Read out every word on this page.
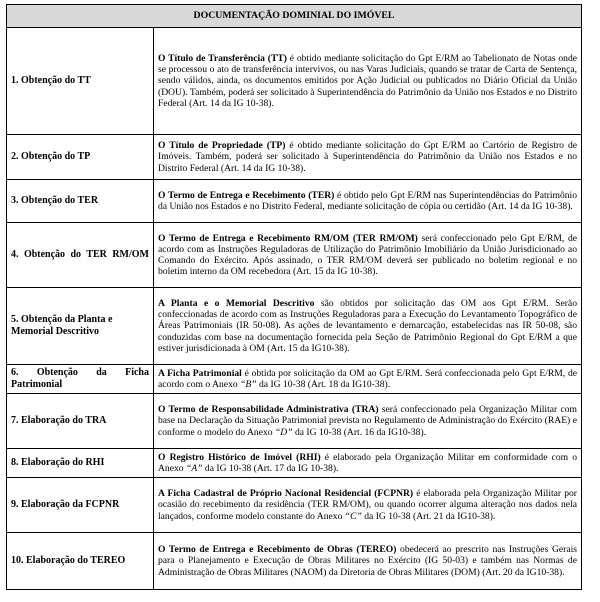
DOCUMENTAÇÃO DOMINIAL DO IMÓVEL	
1. Obtenção do TT	O Título de Transferência (TT) é obtido mediante solicitação do Gpt E/RM ao Tabelionato de Notas onde se processou o ato de transferência intervivos, ou nas Varas Judiciais, quando se tratar de Carta de Sentença, sendo válidos, ainda, os documentos emitidos por Ação Judicial ou publicados no Diário Oficial da União (DOU). Também, poderá ser solicitado à Superintendência do Patrimônio da União nos Estados e no Distrito Federal (Art. 14 da IG 10-38).
2. Obtenção do TP	O Título de Propriedade (TP) é obtido mediante solicitação do Gpt E/RM ao Cartório de Registro de Imóveis. Também, poderá ser solicitado à Superintendência do Patrimônio da União nos Estados e no Distrito Federal (Art. 14 da IG 10-38).
3. Obtenção do TER	O Termo de Entrega e Recebimento (TER) é obtido pelo Gpt E/RM nas Superintendências do Patrimônio da União nos Estados e no Distrito Federal, mediante solicitação de cópia ou certidão (Art. 14 da IG 10-38).
4. Obtenção do TER RM/OM	O Termo de Entrega e Recebimento RM/OM (TER RM/OM) será confeccionado pelo Gpt E/RM, de acordo com as Instruções Reguladoras de Utilização do Patrimônio Imobiliário da União Jurisdicionado ao Comando do Exército. Após assinado, o TER RM/OM deverá ser publicado no boletim regional e no boletim interno da OM recebedora (Art. 15 da IG 10-38).
5. Obtenção da Planta e Memorial Descritivo	A Planta e o Memorial Descritivo são obtidos por solicitação das OM aos Gpt E/RM. Serão confeccionadas de acordo com as Instruções Reguladoras para a Execução do Levantamento Topográfico de Áreas Patrimoniais (IR 50-08). As ações de levantamento e demarcação, estabelecidas nas IR 50-08, são conduzidas com base na documentação fornecida pela Seção de Patrimônio Regional do Gpt E/RM a que estiver jurisdicionada à OM (Art. 15 da IG10-38).
6. Obtenção da Ficha Patrimonial	A Ficha Patrimonial é obtida por solicitação da OM ao Gpt E/RM. Será confeccionada pelo Gpt E/RM, de acordo com o Anexo “B” da IG 10-38 (Art. 18 da IG10-38).
7. Elaboração do TRA	O Termo de Responsabilidade Administrativa (TRA) será confeccionado pela Organização Militar com base na Declaração da Situação Patrimonial prevista no Regulamento de Administração do Exército (RAE) e conforme o modelo do Anexo “D” da IG 10-38 (Art. 16 da IG10-38).
8. Elaboração do RHI	O Registro Histórico de Imóvel (RHI) é elaborado pela Organização Militar em conformidade com o Anexo “A” da IG 10-38 (Art. 17 da IG 10-38).
9. Elaboração da FCPNR	A Ficha Cadastral de Próprio Nacional Residencial (FCPNR) é elaborada pela Organização Militar por ocasião do recebimento da residência (TER RM/OM), ou quando ocorrer alguma alteração nos dados nela lançados, conforme modelo constante do Anexo “C” da IG 10-38 (Art. 21 da IG10-38).
10. Elaboração do TEREO	O Termo de Entrega e Recebimento de Obras (TEREO) obedecerá ao prescrito nas Instruções Gerais para o Planejamento e Execução de Obras Militares no Exército (IG 50-03) e também nas Normas de Administração de Obras Militares (NAOM) da Diretoria de Obras Militares (DOM) (Art. 20 da IG10-38).
